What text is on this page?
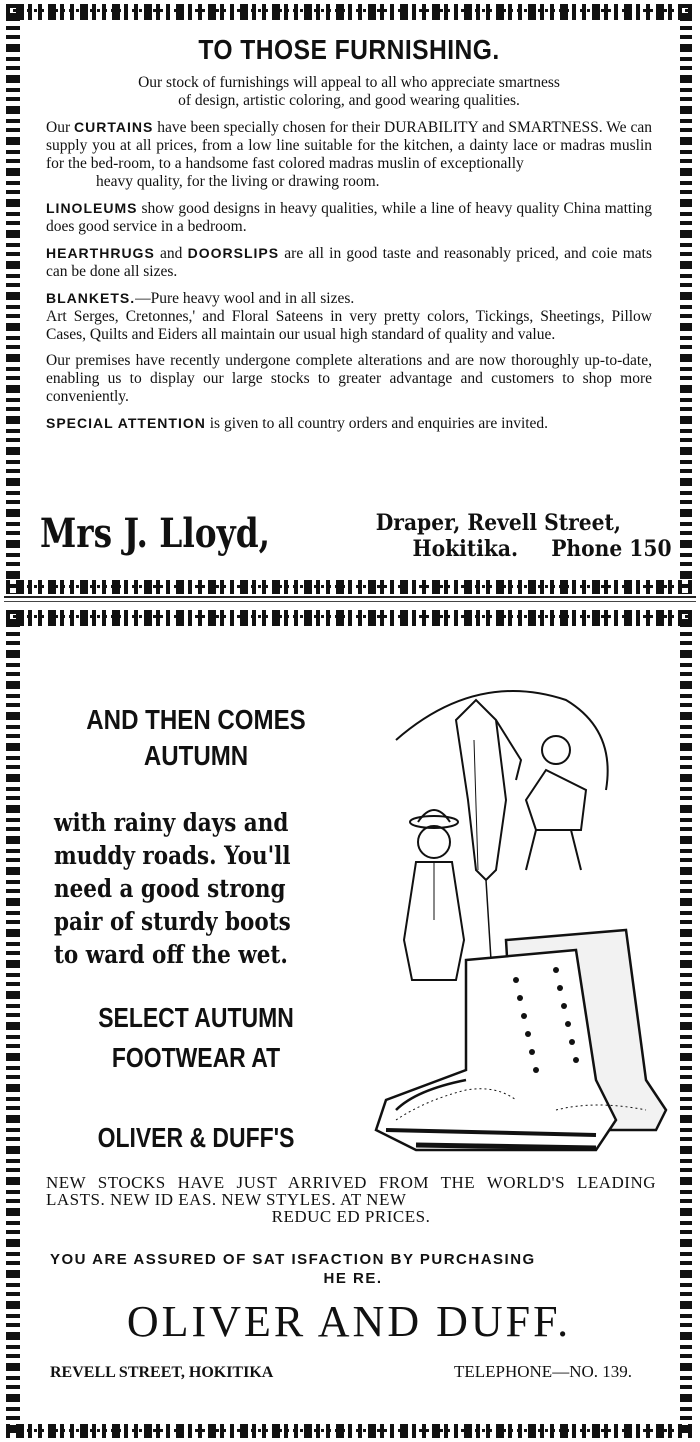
TO THOSE FURNISHING.

Our stock of furnishings will appeal to all who appreciate smartness
of design, artistic coloring, and good wearing qualities.

Our CURTAINS have been specially chosen for their DURABILITY and SMARTNESS. We can supply you at all prices, from a low line suitable for the kitchen, a dainty lace or madras muslin for the bed-room, to a handsome fast colored madras muslin of exceptionally
heavy quality, for the living or drawing room.

LINOLEUMS show good designs in heavy qualities, while a line of heavy quality China matting does good service in a bedroom.

HEARTHRUGS and DOORSLIPS are all in good taste and reasonably priced, and coie mats can be done all sizes.

BLANKETS.—Pure heavy wool and in all sizes.
Art Serges, Cretonnes,' and Floral Sateens in very pretty colors, Tickings, Sheetings, Pillow Cases, Quilts and Eiders all maintain our usual high standard of quality and value.

Our premises have recently undergone complete alterations and are now thoroughly up-to-date, enabling us to display our large stocks to greater advantage and customers to shop more conveniently.

SPECIAL ATTENTION is given to all country orders and enquiries are invited.

Mrs J. Lloyd,	Draper, Revell Street,
Hokitika. Phone 150
AND THEN COMES
AUTUMN
with rainy days and
muddy roads. You'll
need a good strong
pair of sturdy boots
to ward off the wet.
SELECT AUTUMN
FOOTWEAR AT
OLIVER & DUFF'S
NEW STOCKS HAVE JUST ARRIVED FROM THE WORLD'S LEADING LASTS. NEW ID EAS. NEW STYLES. AT NEW
REDUC ED PRICES.
YOU ARE ASSURED OF SAT ISFACTION BY PURCHASING
HE RE.
OLIVER AND DUFF.
REVELL STREET, HOKITIKA	TELEPHONE—NO. 139.
